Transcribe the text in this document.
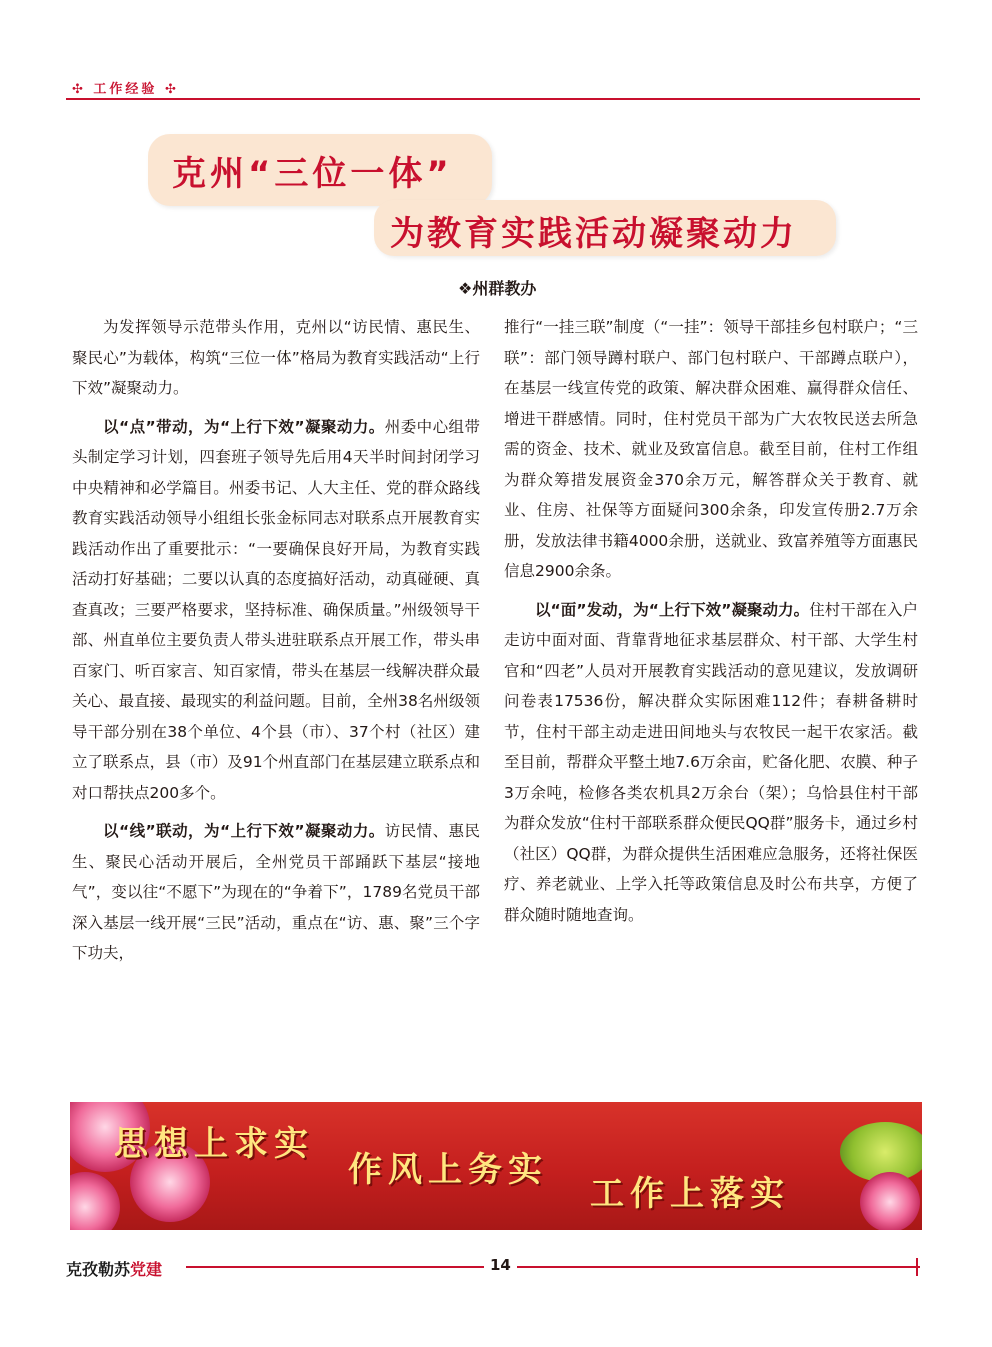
✣ 工作经验 ✣
克州“三位一体”
为教育实践活动凝聚动力
❖州群教办

为发挥领导示范带头作用，克州以“访民情、惠民生、聚民心”为载体，构筑“三位一体”格局为教育实践活动“上行下效”凝聚动力。

以“点”带动，为“上行下效”凝聚动力。州委中心组带头制定学习计划，四套班子领导先后用4天半时间封闭学习中央精神和必学篇目。州委书记、人大主任、党的群众路线教育实践活动领导小组组长张金标同志对联系点开展教育实践活动作出了重要批示：“一要确保良好开局，为教育实践活动打好基础；二要以认真的态度搞好活动，动真碰硬、真查真改；三要严格要求，坚持标准、确保质量。”州级领导干部、州直单位主要负责人带头进驻联系点开展工作，带头串百家门、听百家言、知百家情，带头在基层一线解决群众最关心、最直接、最现实的利益问题。目前，全州38名州级领导干部分别在38个单位、4个县（市）、37个村（社区）建立了联系点，县（市）及91个州直部门在基层建立联系点和对口帮扶点200多个。

以“线”联动，为“上行下效”凝聚动力。访民情、惠民生、聚民心活动开展后，全州党员干部踊跃下基层“接地气”，变以往“不愿下”为现在的“争着下”，1789名党员干部深入基层一线开展“三民”活动，重点在“访、惠、聚”三个字下功夫，

推行“一挂三联”制度（“一挂”：领导干部挂乡包村联户；“三联”：部门领导蹲村联户、部门包村联户、干部蹲点联户），在基层一线宣传党的政策、解决群众困难、赢得群众信任、增进干群感情。同时，住村党员干部为广大农牧民送去所急需的资金、技术、就业及致富信息。截至目前，住村工作组为群众筹措发展资金370余万元，解答群众关于教育、就业、住房、社保等方面疑问300余条，印发宣传册2.7万余册，发放法律书籍4000余册，送就业、致富养殖等方面惠民信息2900余条。

以“面”发动，为“上行下效”凝聚动力。住村干部在入户走访中面对面、背靠背地征求基层群众、村干部、大学生村官和“四老”人员对开展教育实践活动的意见建议，发放调研问卷表17536份，解决群众实际困难112件；春耕备耕时节，住村干部主动走进田间地头与农牧民一起干农家活。截至目前，帮群众平整土地7.6万余亩，贮备化肥、农膜、种子3万余吨，检修各类农机具2万余台（架）；乌恰县住村干部为群众发放“住村干部联系群众便民QQ群”服务卡，通过乡村（社区）QQ群，为群众提供生活困难应急服务，还将社保医疗、养老就业、上学入托等政策信息及时公布共享，方便了群众随时随地查询。

思想上求实
作风上务实
工作上落实
克孜勒苏党建	14
